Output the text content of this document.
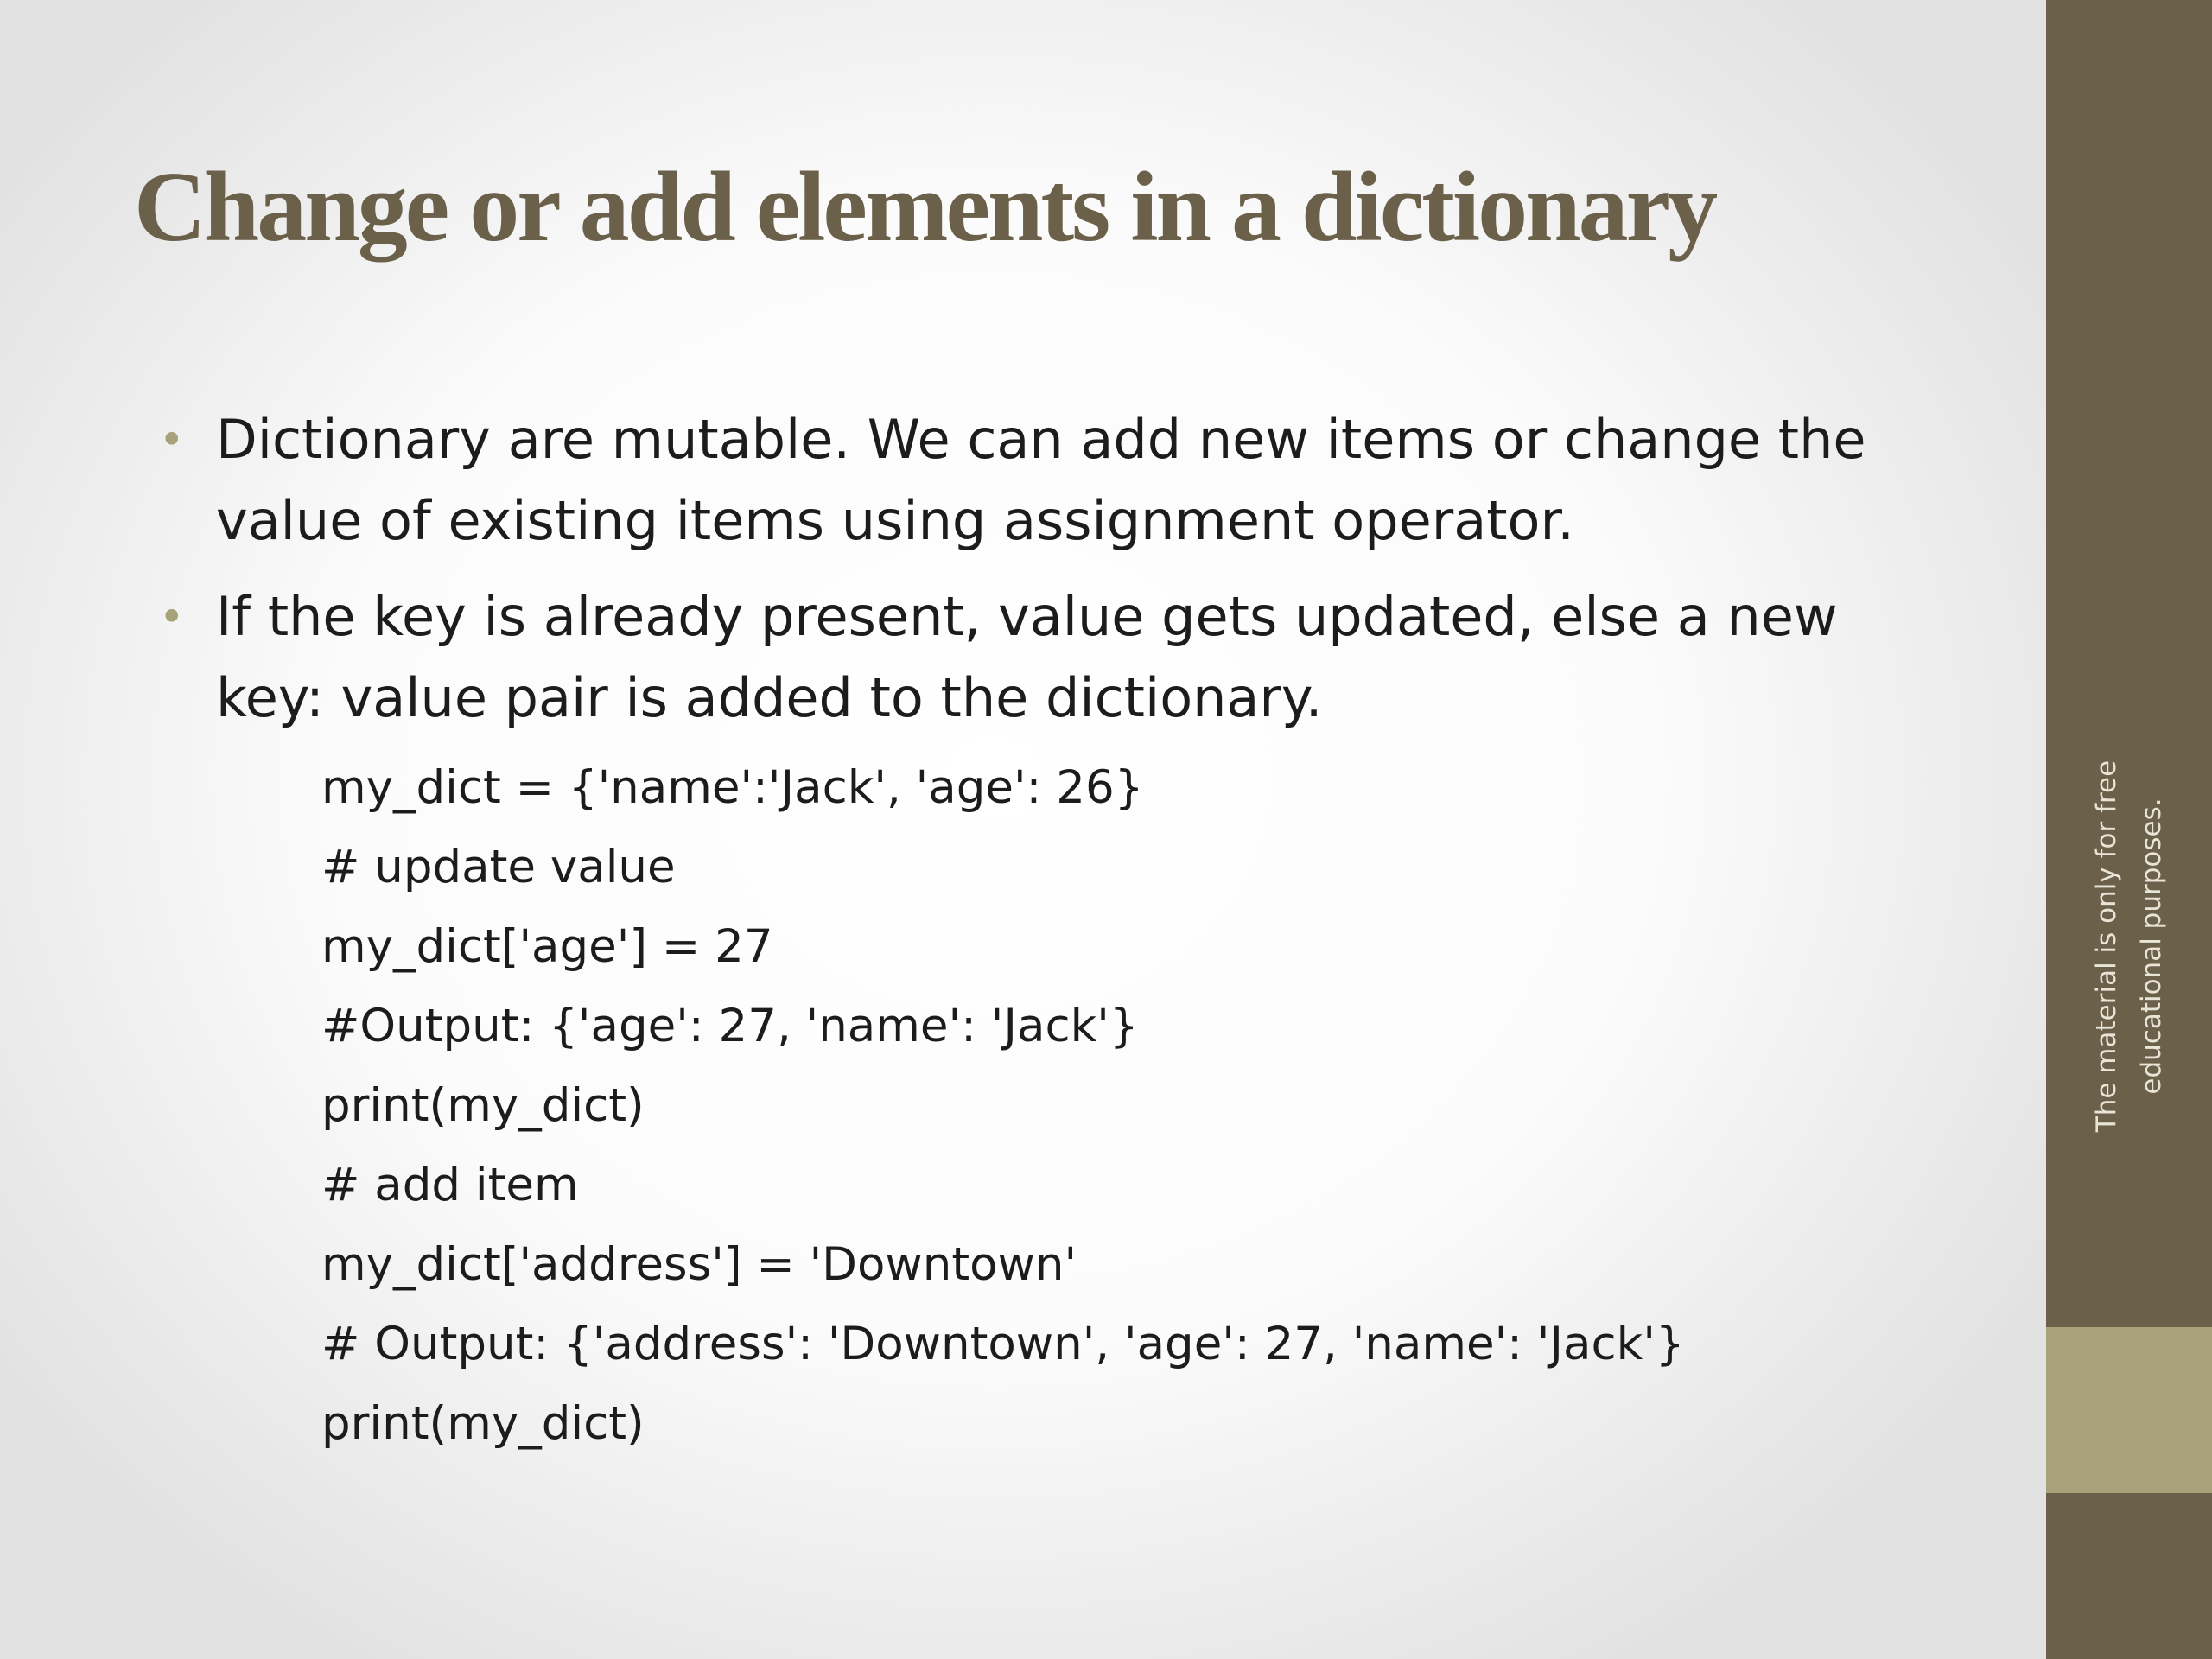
Change or add elements in a dictionary
• Dictionary are mutable. We can add new items or change the value of existing items using assignment operator.
• If the key is already present, value gets updated, else a new key: value pair is added to the dictionary.
my_dict = {'name':'Jack', 'age': 26}
# update value
my_dict['age'] = 27
#Output: {'age': 27, 'name': 'Jack'}
print(my_dict)
# add item
my_dict['address'] = 'Downtown'
# Output: {'address': 'Downtown', 'age': 27, 'name': 'Jack'}
print(my_dict)
The material is only for free educational purposes.
